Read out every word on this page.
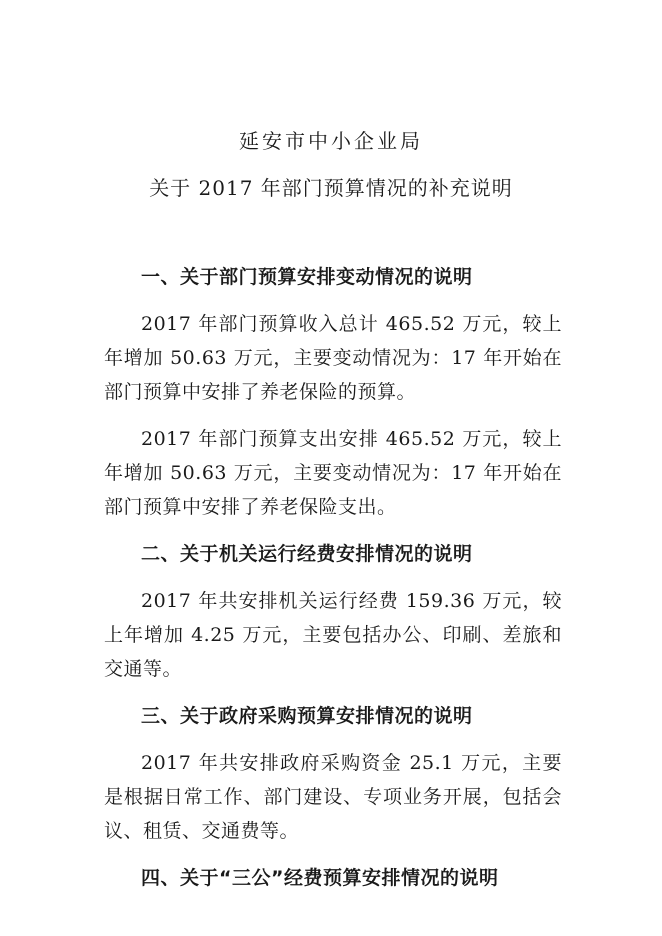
延安市中小企业局
关于 2017 年部门预算情况的补充说明
一、关于部门预算安排变动情况的说明

2017 年部门预算收入总计 465.52 万元，较上年增加 50.63 万元，主要变动情况为：17 年开始在部门预算中安排了养老保险的预算。

2017 年部门预算支出安排 465.52 万元，较上年增加 50.63 万元，主要变动情况为：17 年开始在部门预算中安排了养老保险支出。

二、关于机关运行经费安排情况的说明

2017 年共安排机关运行经费 159.36 万元，较上年增加 4.25 万元，主要包括办公、印刷、差旅和交通等。

三、关于政府采购预算安排情况的说明

2017 年共安排政府采购资金 25.1 万元，主要是根据日常工作、部门建设、专项业务开展，包括会议、租赁、交通费等。

四、关于“三公”经费预算安排情况的说明
